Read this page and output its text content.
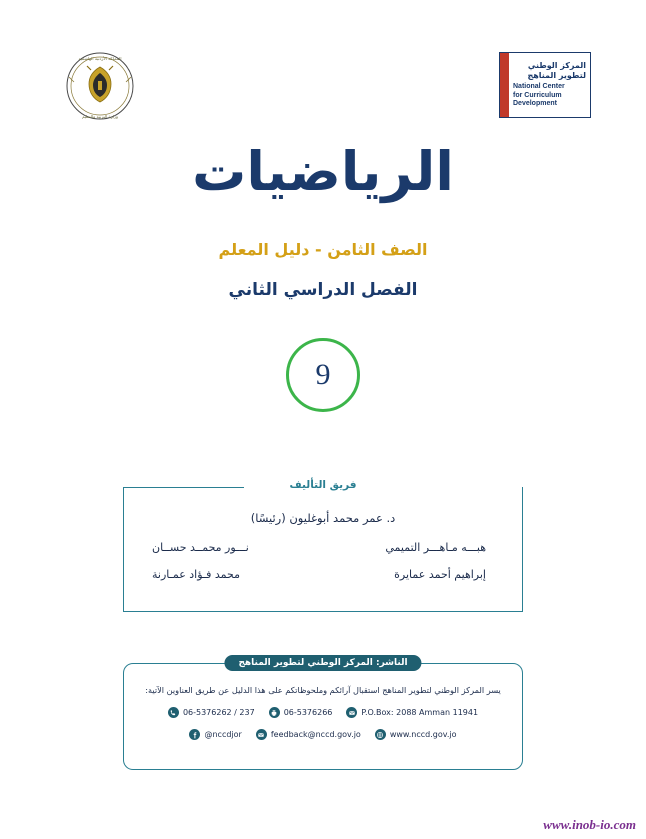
المملكة الأردنية الهاشمية
وزارة التربية والتعليم
المركز الوطني
لتطوير المناهج
National Center
for Curriculum
Development
الرياضيات
الصف الثامن - دليل المعلم
الفصل الدراسي الثاني
9
فريق التأليف
د. عمر محمد أبوغليون (رئيسًا)
هبـــه مـاهـــر التميمي
نـــور محمــد حســان
إبراهيم أحمد عمايرة
محمد فـؤاد عمـارنة
الناشر: المركز الوطني لتطوير المناهج
يسر المركز الوطني لتطوير المناهج استقبال آرائكم وملحوظاتكم على هذا الدليل عن طريق العناوين الآتية:
06-5376262 / 237	06-5376266	P.O.Box: 2088 Amman 11941
@nccdjor	feedback@nccd.gov.jo	www.nccd.gov.jo
www.inob-io.com
